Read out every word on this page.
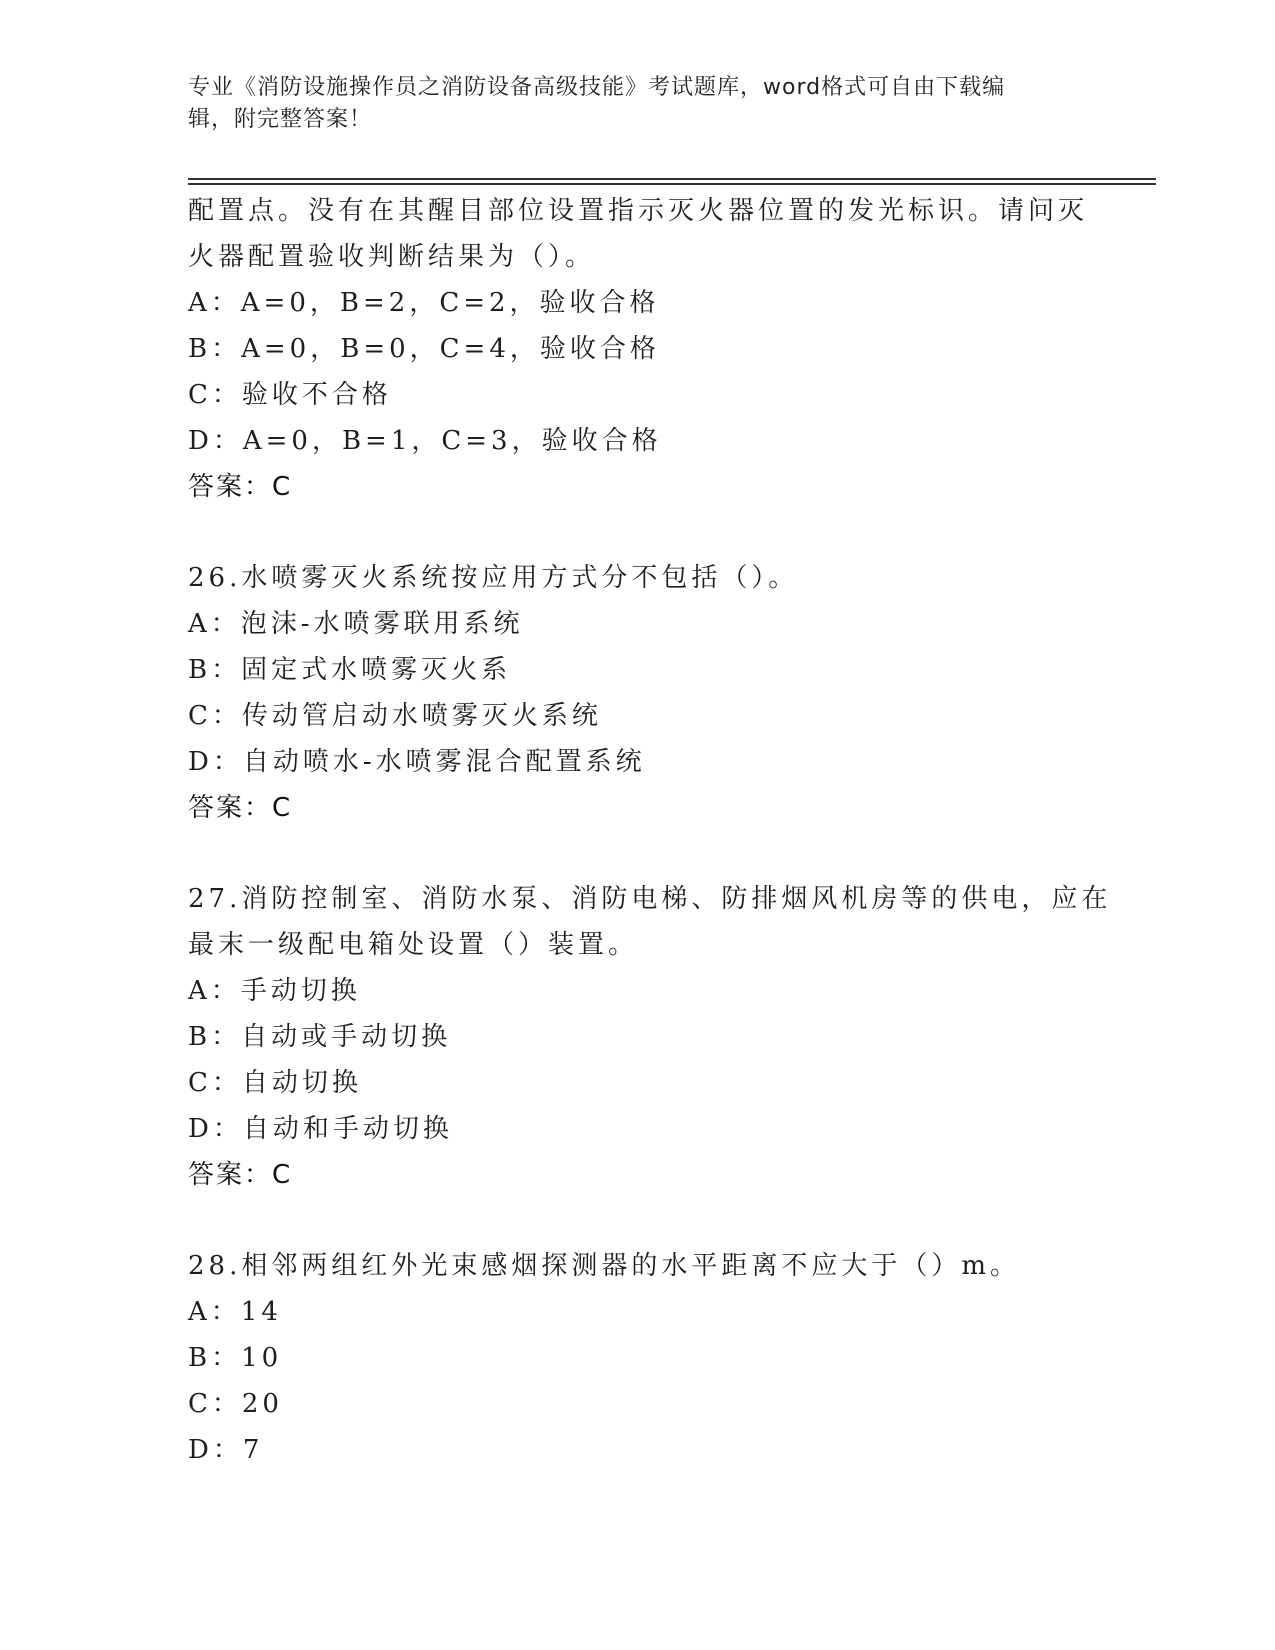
专业《消防设施操作员之消防设备高级技能》考试题库，word格式可自由下载编
辑，附完整答案！
配置点。没有在其醒目部位设置指示灭火器位置的发光标识。请问灭
火器配置验收判断结果为（）。
A：A=0，B=2，C=2，验收合格
B：A=0，B=0，C=4，验收合格
C：验收不合格
D：A=0，B=1，C=3，验收合格
答案：C
26.水喷雾灭火系统按应用方式分不包括（）。
A：泡沫-水喷雾联用系统
B：固定式水喷雾灭火系
C：传动管启动水喷雾灭火系统
D：自动喷水-水喷雾混合配置系统
答案：C
27.消防控制室、消防水泵、消防电梯、防排烟风机房等的供电，应在
最末一级配电箱处设置（）装置。
A：手动切换
B：自动或手动切换
C：自动切换
D：自动和手动切换
答案：C
28.相邻两组红外光束感烟探测器的水平距离不应大于（）m。
A：14
B：10
C：20
D：7
